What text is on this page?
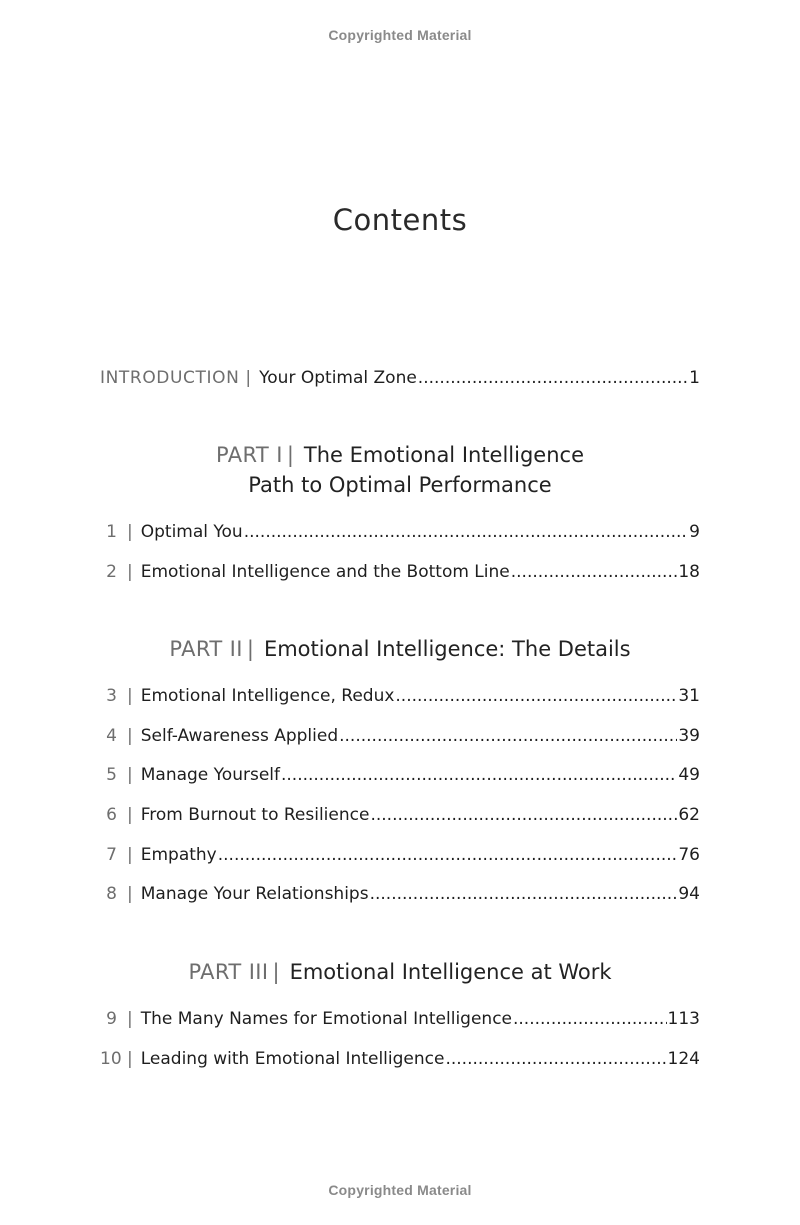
Copyrighted Material
Contents
INTRODUCTION | Your Optimal Zone .....	1
PART I | The Emotional Intelligence
Path to Optimal Performance
1 | Optimal You .....	9
2 | Emotional Intelligence and the Bottom Line .....	18
PART II | Emotional Intelligence: The Details
3 | Emotional Intelligence, Redux .....	31
4 | Self-Awareness Applied .....	39
5 | Manage Yourself .....	49
6 | From Burnout to Resilience .....	62
7 | Empathy .....	76
8 | Manage Your Relationships .....	94
PART III | Emotional Intelligence at Work
9 | The Many Names for Emotional Intelligence .....	113
10 | Leading with Emotional Intelligence .....	124
Copyrighted Material
